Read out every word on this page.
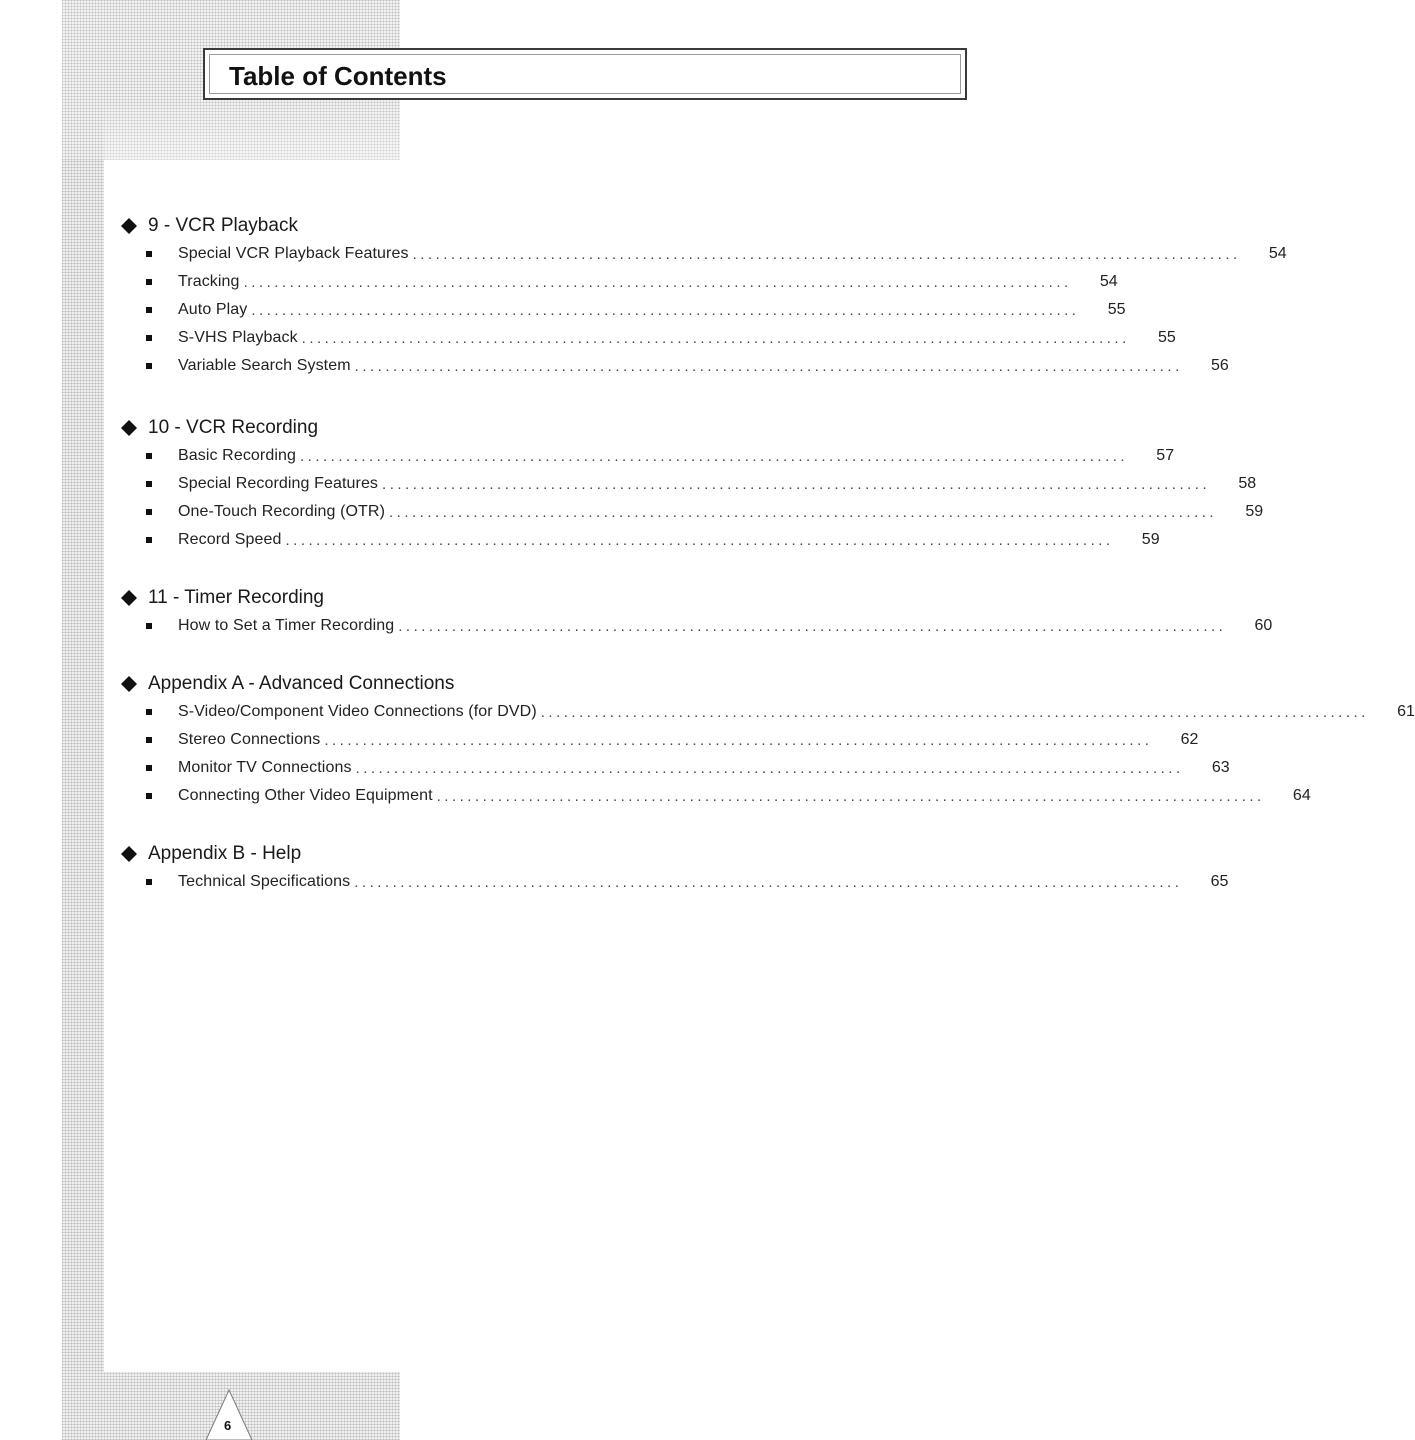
Table of Contents
9 - VCR Playback
Special VCR Playback Features ............................................................................................................	54
Tracking ............................................................................................................	54
Auto Play ............................................................................................................	55
S-VHS Playback ............................................................................................................	55
Variable Search System ............................................................................................................	56
10 - VCR Recording
Basic Recording ............................................................................................................	57
Special Recording Features ............................................................................................................	58
One-Touch Recording (OTR) ............................................................................................................	59
Record Speed ............................................................................................................	59
11 - Timer Recording
How to Set a Timer Recording ............................................................................................................	60
Appendix A - Advanced Connections
S-Video/Component Video Connections (for DVD) ............................................................................................................	61
Stereo Connections ............................................................................................................	62
Monitor TV Connections ............................................................................................................	63
Connecting Other Video Equipment ............................................................................................................	64
Appendix B - Help
Technical Specifications ............................................................................................................	65
6
